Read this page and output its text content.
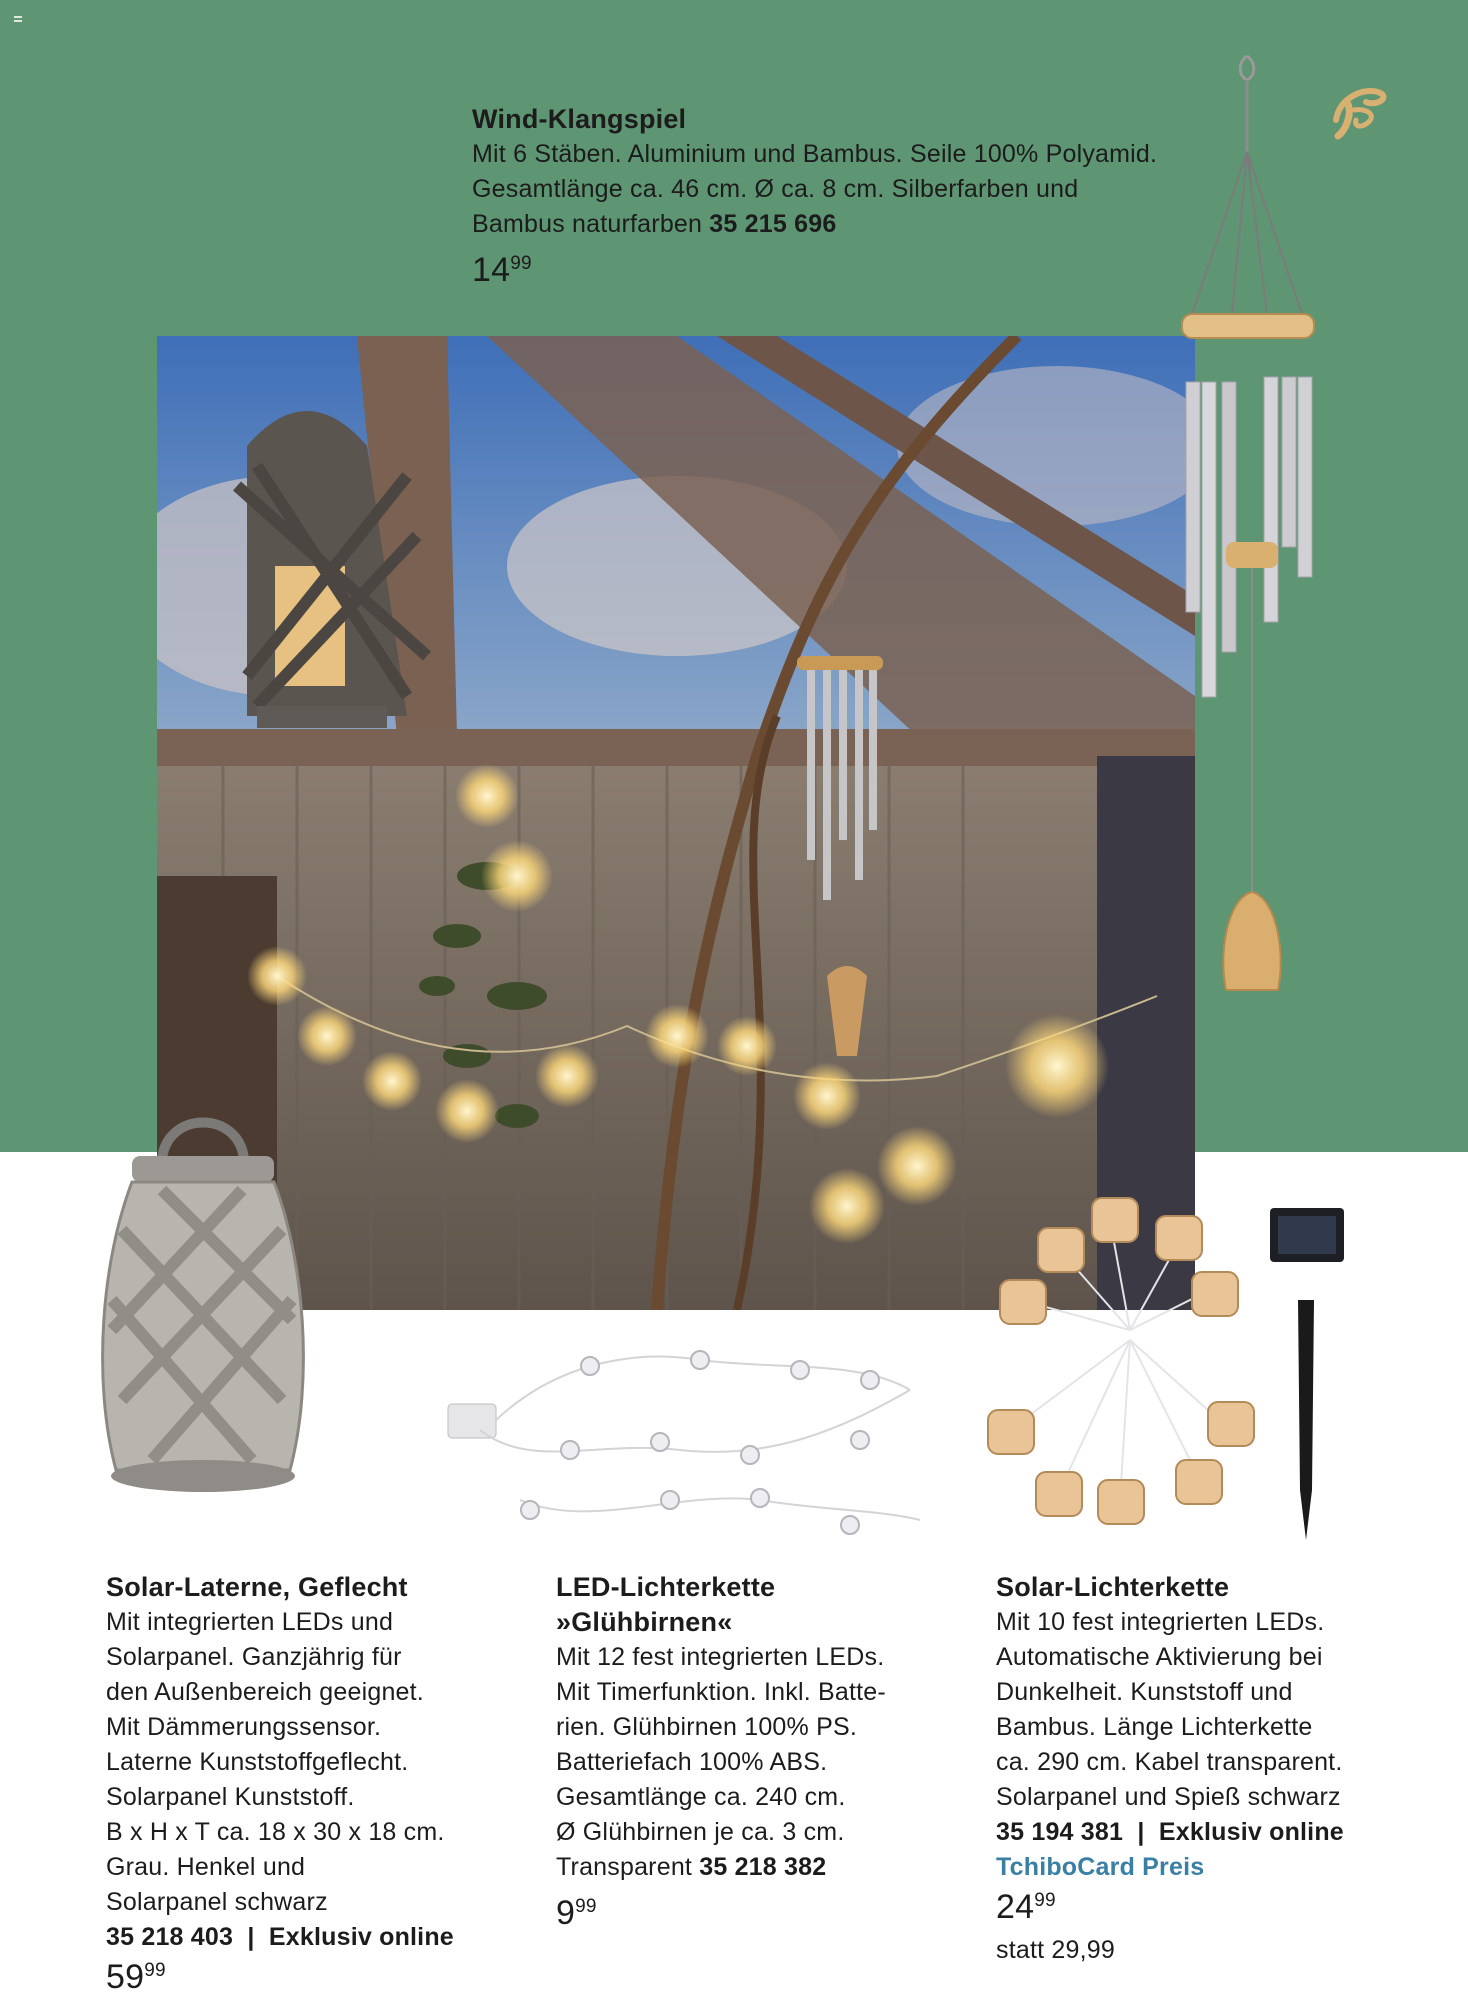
Wind-Klangspiel
Mit 6 Stäben. Aluminium und Bambus. Seile 100% Polyamid.
Gesamtlänge ca. 46 cm. Ø ca. 8 cm. Silberfarben und
Bambus naturfarben 35 215 696
$14^{99}$
Solar-Laterne, Geflecht
Mit integrierten LEDs und
Solarpanel. Ganzjährig für
den Außenbereich geeignet.
Mit Dämmerungssensor.
Laterne Kunststoffgeflecht.
Solarpanel Kunststoff.
B x H x T ca. 18 x 30 x 18 cm.
Grau. Henkel und
Solarpanel schwarz
35 218 403  |  Exklusiv online
$59^{99}$
LED-Lichterkette
»Glühbirnen«
Mit 12 fest integrierten LEDs.
Mit Timerfunktion. Inkl. Batte-
rien. Glühbirnen 100% PS.
Batteriefach 100% ABS.
Gesamtlänge ca. 240 cm.
Ø Glühbirnen je ca. 3 cm.
Transparent 35 218 382
$9^{99}$
Solar-Lichterkette
Mit 10 fest integrierten LEDs.
Automatische Aktivierung bei
Dunkelheit. Kunststoff und
Bambus. Länge Lichterkette
ca. 290 cm. Kabel transparent.
Solarpanel und Spieß schwarz
35 194 381  |  Exklusiv online
TchiboCard Preis
$24^{99}$
statt 29,99
